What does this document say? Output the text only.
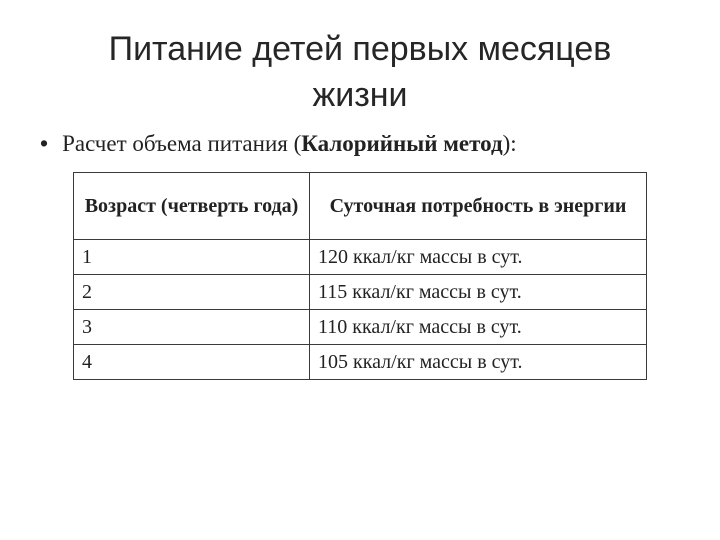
Питание детей первых месяцев
жизни
• Расчет объема питания (Калорийный метод):
Возраст (четверть года)	Суточная потребность в энергии
1	120 ккал/кг массы в сут.
2	115 ккал/кг массы в сут.
3	110 ккал/кг массы в сут.
4	105 ккал/кг массы в сут.
